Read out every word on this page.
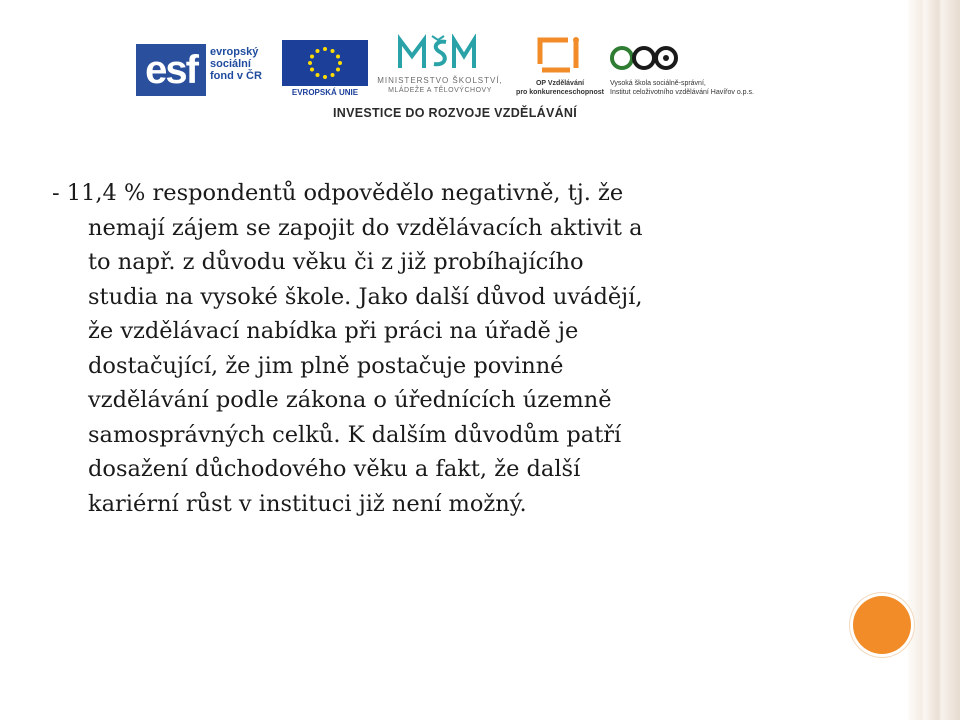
esf	evropský
sociální
fond v ČR
EVROPSKÁ UNIE
MINISTERSTVO ŠKOLSTVÍ,
MLÁDEŽE A TĚLOVÝCHOVY
OP Vzdělávání
pro konkurenceschopnost
Vysoká škola sociálně-správní,
Institut celoživotního vzdělávání Havířov o.p.s.
INVESTICE DO ROZVOJE VZDĚLÁVÁNÍ
- 11,4 % respondentů odpovědělo negativně, tj. že
nemají zájem se zapojit do vzdělávacích aktivit a
to např. z důvodu věku či z již probíhajícího
studia na vysoké škole. Jako další důvod uvádějí,
že vzdělávací nabídka při práci na úřadě je
dostačující, že jim plně postačuje povinné
vzdělávání podle zákona o úřednících územně
samosprávných celků. K dalším důvodům patří
dosažení důchodového věku a fakt, že další
kariérní růst v instituci již není možný.
